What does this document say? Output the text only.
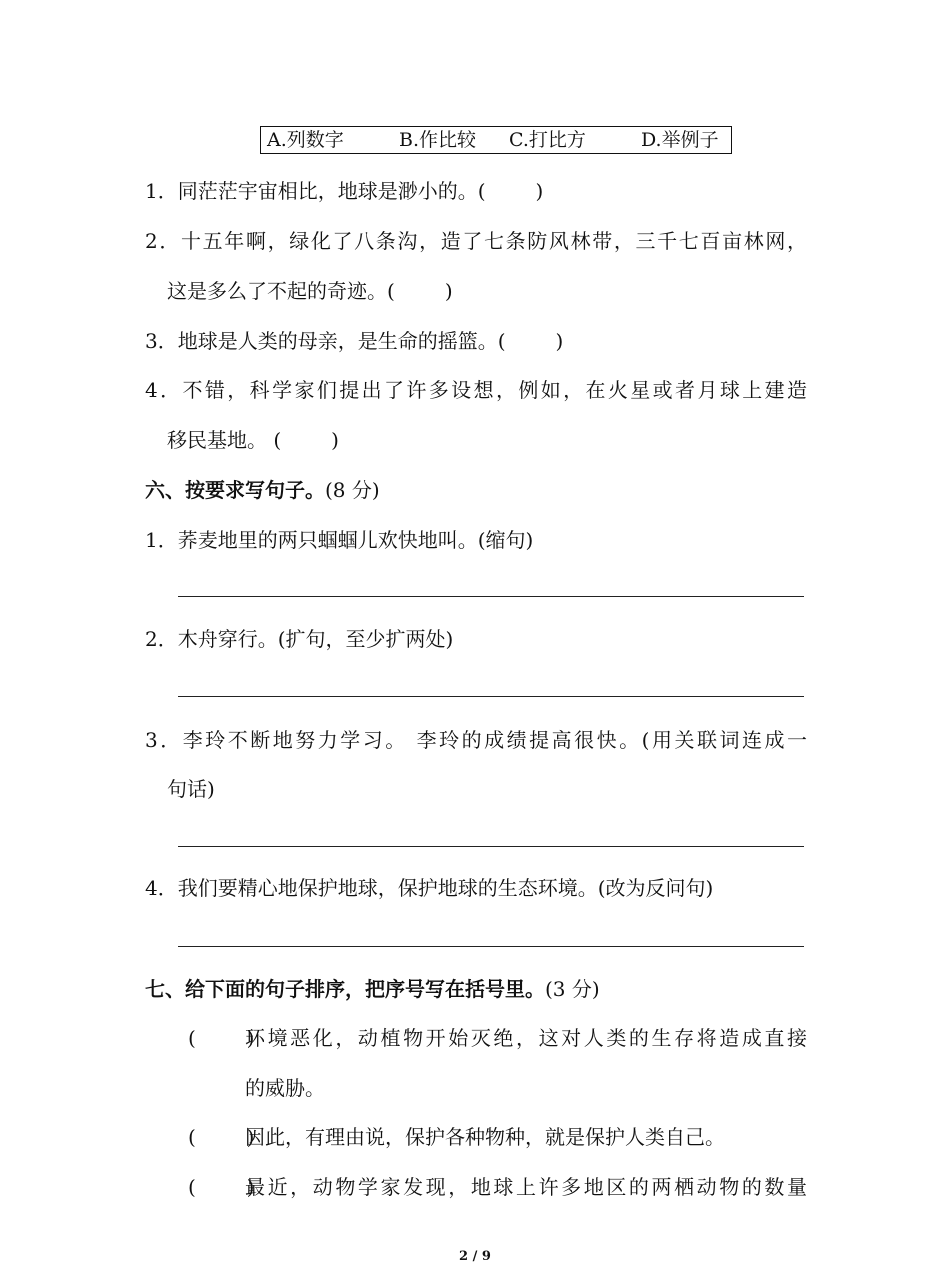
A.列数字	B.作比较 C.打比方	D.举例子
1．同茫茫宇宙相比，地球是渺小的。(	)
2．十五年啊，绿化了八条沟，造了七条防风林带，三千七百亩林网，
这是多么了不起的奇迹。(	)
3．地球是人类的母亲，是生命的摇篮。(	)
4．不错，科学家们提出了许多设想，例如，在火星或者月球上建造
移民基地。 (	)
六、按要求写句子。(8 分)
1．荞麦地里的两只蝈蝈儿欢快地叫。(缩句)
2．木舟穿行。(扩句，至少扩两处)
3．李玲不断地努力学习。 李玲的成绩提高很快。(用关联词连成一
句话)
4．我们要精心地保护地球，保护地球的生态环境。(改为反问句)
七、给下面的句子排序，把序号写在括号里。(3 分)
(        )
环境恶化，动植物开始灭绝，这对人类的生存将造成直接
的威胁。
(        )
因此，有理由说，保护各种物种，就是保护人类自己。
(        )
最近，动物学家发现，地球上许多地区的两栖动物的数量
2 / 9
